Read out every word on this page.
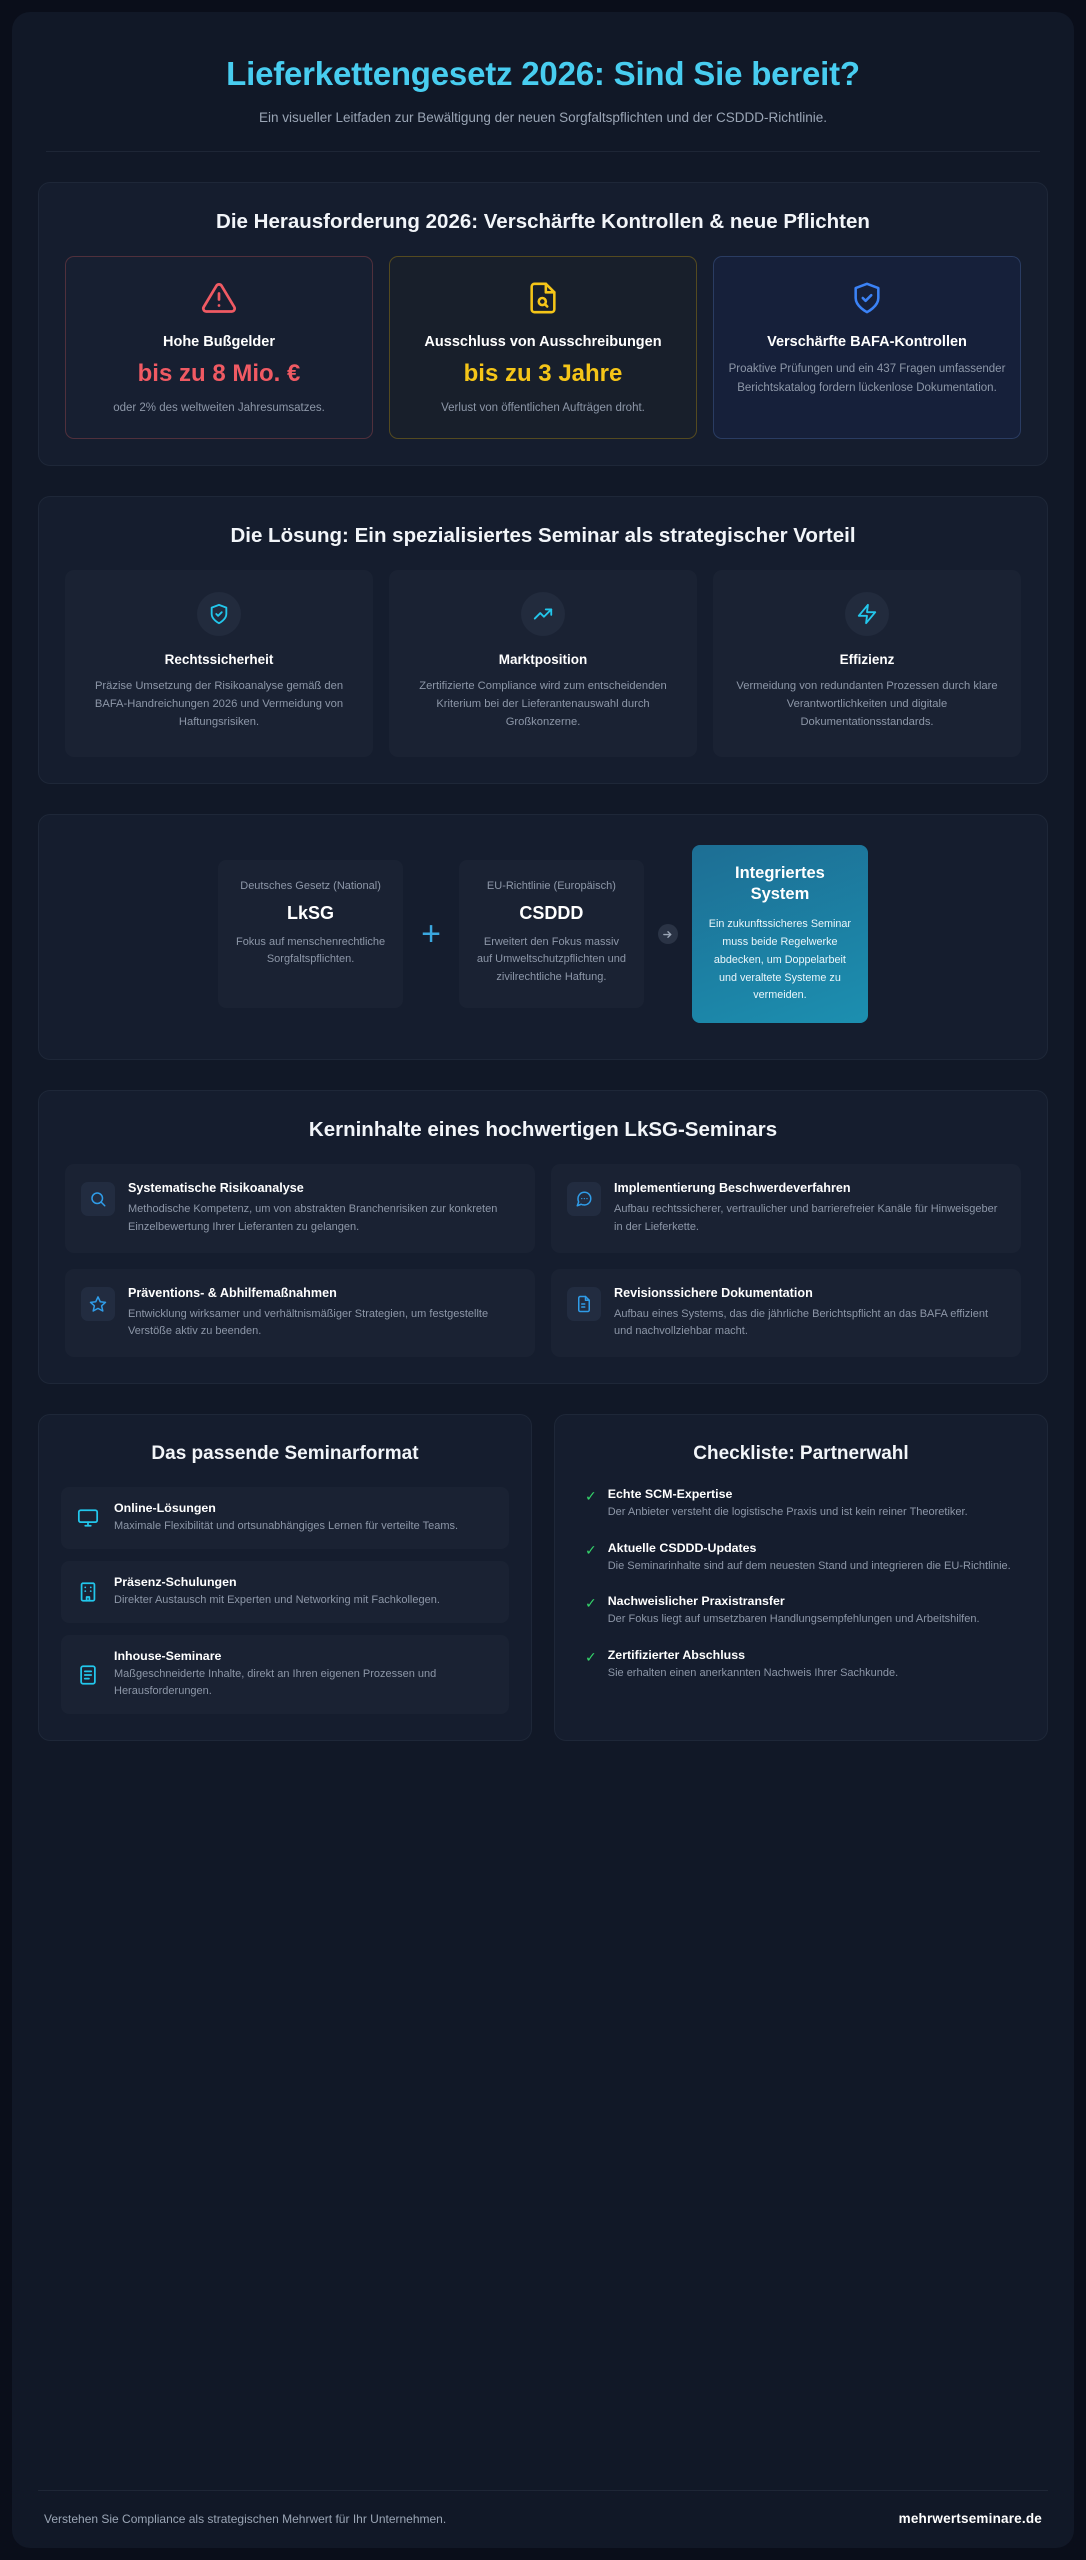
Lieferkettengesetz 2026: Sind Sie bereit?
Ein visueller Leitfaden zur Bewältigung der neuen Sorgfaltspflichten und der CSDDD-Richtlinie.
Die Herausforderung 2026: Verschärfte Kontrollen & neue Pflichten
Hohe Bußgelder
bis zu 8 Mio. €
oder 2% des weltweiten Jahresumsatzes.
Ausschluss von Ausschreibungen
bis zu 3 Jahre
Verlust von öffentlichen Aufträgen droht.
Verschärfte BAFA-Kontrollen
Proaktive Prüfungen und ein 437 Fragen umfassender Berichtskatalog fordern lückenlose Dokumentation.
Die Lösung: Ein spezialisiertes Seminar als strategischer Vorteil
Rechtssicherheit
Präzise Umsetzung der Risikoanalyse gemäß den BAFA-Handreichungen 2026 und Vermeidung von Haftungsrisiken.
Marktposition
Zertifizierte Compliance wird zum entscheidenden Kriterium bei der Lieferantenauswahl durch Großkonzerne.
Effizienz
Vermeidung von redundanten Prozessen durch klare Verantwortlichkeiten und digitale Dokumentationsstandards.
Deutsches Gesetz (National)
LkSG
Fokus auf menschenrechtliche Sorgfaltspflichten.
+
EU-Richtlinie (Europäisch)
CSDDD
Erweitert den Fokus massiv auf Umweltschutzpflichten und zivilrechtliche Haftung.
Integriertes System
Ein zukunftssicheres Seminar muss beide Regelwerke abdecken, um Doppelarbeit und veraltete Systeme zu vermeiden.
Kerninhalte eines hochwertigen LkSG-Seminars
Systematische Risikoanalyse
Methodische Kompetenz, um von abstrakten Branchenrisiken zur konkreten Einzelbewertung Ihrer Lieferanten zu gelangen.
Implementierung Beschwerdeverfahren
Aufbau rechtssicherer, vertraulicher und barrierefreier Kanäle für Hinweisgeber in der Lieferkette.
Präventions- & Abhilfemaßnahmen
Entwicklung wirksamer und verhältnismäßiger Strategien, um festgestellte Verstöße aktiv zu beenden.
Revisionssichere Dokumentation
Aufbau eines Systems, das die jährliche Berichtspflicht an das BAFA effizient und nachvollziehbar macht.
Das passende Seminarformat
Online-Lösungen
Maximale Flexibilität und ortsunabhängiges Lernen für verteilte Teams.
Präsenz-Schulungen
Direkter Austausch mit Experten und Networking mit Fachkollegen.
Inhouse-Seminare
Maßgeschneiderte Inhalte, direkt an Ihren eigenen Prozessen und Herausforderungen.
Checkliste: Partnerwahl
✓ Echte SCM-Expertise
Der Anbieter versteht die logistische Praxis und ist kein reiner Theoretiker.
✓ Aktuelle CSDDD-Updates
Die Seminarinhalte sind auf dem neuesten Stand und integrieren die EU-Richtlinie.
✓ Nachweislicher Praxistransfer
Der Fokus liegt auf umsetzbaren Handlungsempfehlungen und Arbeitshilfen.
✓ Zertifizierter Abschluss
Sie erhalten einen anerkannten Nachweis Ihrer Sachkunde.
Verstehen Sie Compliance als strategischen Mehrwert für Ihr Unternehmen.	mehrwertseminare.de
